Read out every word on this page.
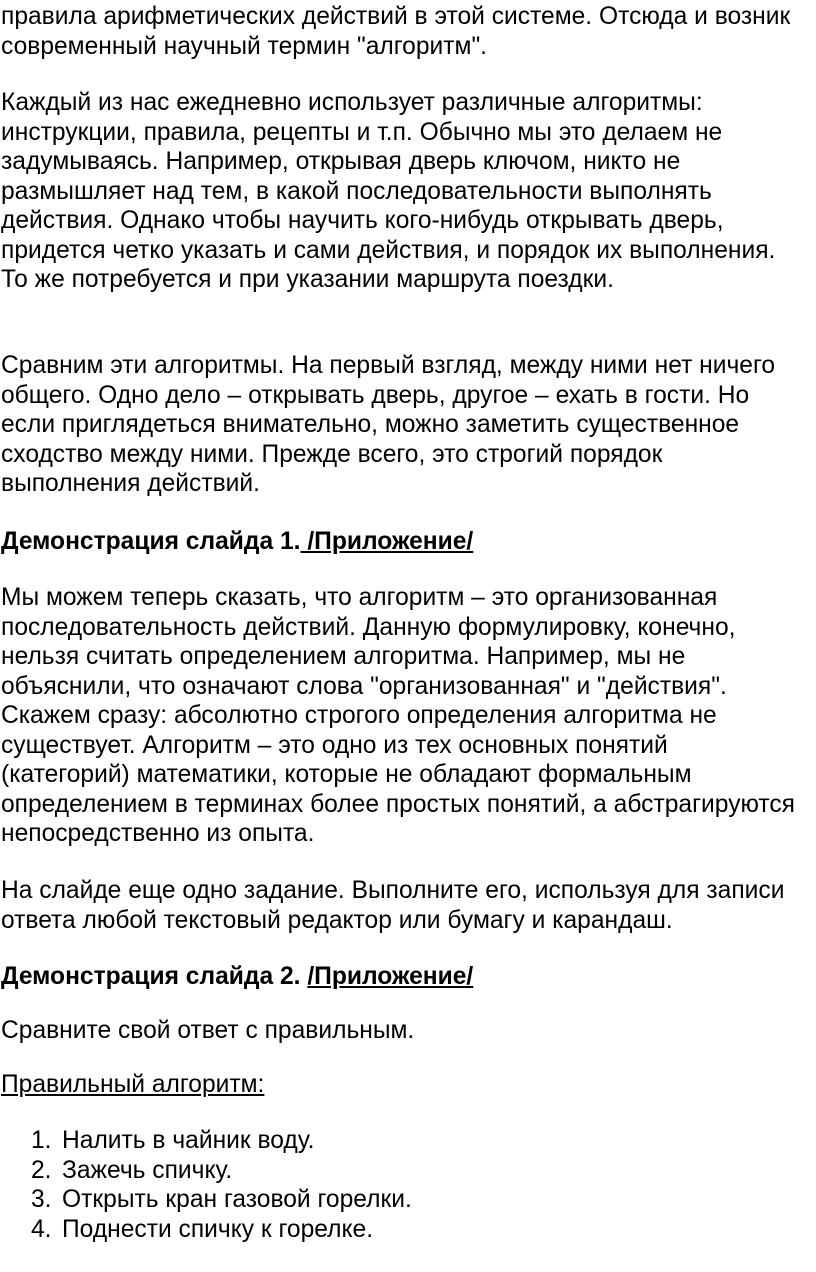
правила арифметических действий в этой системе. Отсюда и возник современный научный термин "алгоритм".

Каждый из нас ежедневно использует различные алгоритмы: инструкции, правила, рецепты и т.п. Обычно мы это делаем не задумываясь. Например, открывая дверь ключом, никто не размышляет над тем, в какой последовательности выполнять действия. Однако чтобы научить кого-нибудь открывать дверь, придется четко указать и сами действия, и порядок их выполнения. То же потребуется и при указании маршрута поездки.

Сравним эти алгоритмы. На первый взгляд, между ними нет ничего общего. Одно дело – открывать дверь, другое – ехать в гости. Но если приглядеться внимательно, можно заметить существенное сходство между ними. Прежде всего, это строгий порядок выполнения действий.

Демонстрация слайда 1. /Приложение/

Мы можем теперь сказать, что алгоритм – это организованная последовательность действий. Данную формулировку, конечно, нельзя считать определением алгоритма. Например, мы не объяснили, что означают слова "организованная" и "действия". Скажем сразу: абсолютно строгого определения алгоритма не существует. Алгоритм – это одно из тех основных понятий (категорий) математики, которые не обладают формальным определением в терминах более простых понятий, а абстрагируются непосредственно из опыта.

На слайде еще одно задание. Выполните его, используя для записи ответа любой текстовый редактор или бумагу и карандаш.

Демонстрация слайда 2. /Приложение/

Сравните свой ответ с правильным.

Правильный алгоритм:

1. Налить в чайник воду.
2. Зажечь спичку.
3. Открыть кран газовой горелки.
4. Поднести спичку к горелке.
